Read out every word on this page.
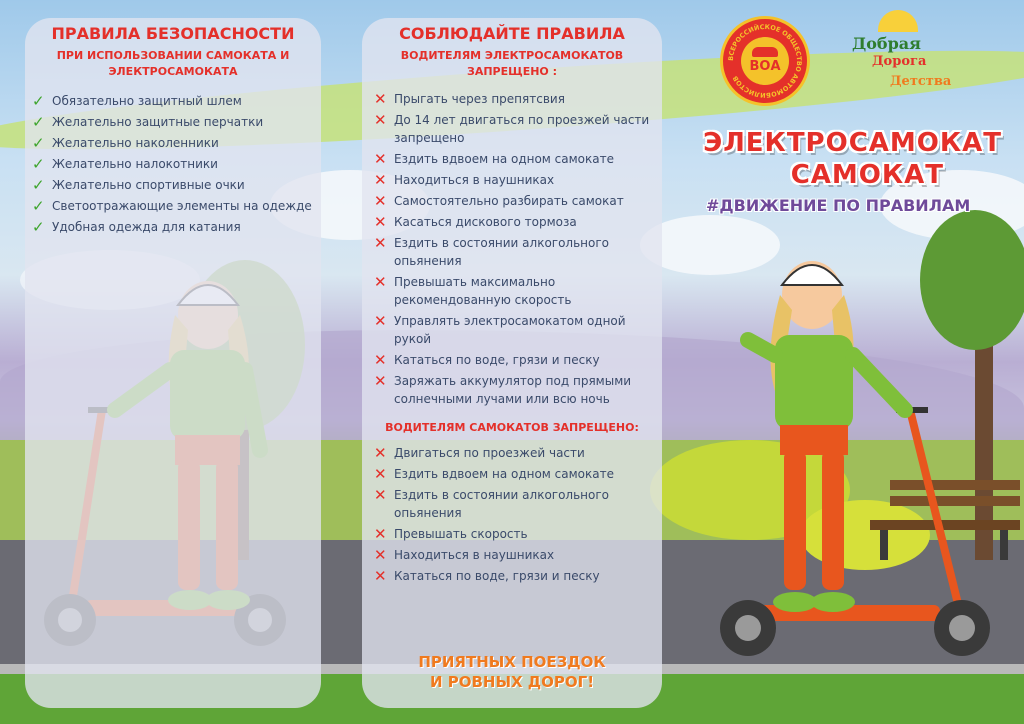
ПРАВИЛА БЕЗОПАСНОСТИ
ПРИ ИСПОЛЬЗОВАНИИ САМОКАТА И
ЭЛЕКТРОСАМОКАТА
✓ Обязательно защитный шлем
✓ Желательно защитные перчатки
✓ Желательно наколенники
✓ Желательно налокотники
✓ Желательно спортивные очки
✓ Светоотражающие элементы на одежде
✓ Удобная одежда для катания
СОБЛЮДАЙТЕ ПРАВИЛА
ВОДИТЕЛЯМ ЭЛЕКТРОСАМОКАТОВ
ЗАПРЕЩЕНО :
✕ Прыгать через препятсвия
✕ До 14 лет двигаться по проезжей части запрещено
✕ Ездить вдвоем на одном самокате
✕ Находиться в наушниках
✕ Самостоятельно разбирать самокат
✕ Касаться дискового тормоза
✕ Ездить в состоянии алкогольного опьянения
✕ Превышать максимально рекомендованную скорость
✕ Управлять электросамокатом одной рукой
✕ Кататься по воде, грязи и песку
✕ Заряжать аккумулятор под прямыми солнечными лучами или всю ночь
ВОДИТЕЛЯМ САМОКАТОВ ЗАПРЕЩЕНО:
✕ Двигаться по проезжей части
✕ Ездить вдвоем на одном самокате
✕ Ездить в состоянии алкогольного опьянения
✕ Превышать скорость
✕ Находиться в наушниках
✕ Кататься по воде, грязи и песку
ПРИЯТНЫХ ПОЕЗДОК
И РОВНЫХ ДОРОГ!
ВСЕРОССИЙСКОЕ ОБЩЕСТВО АВТОМОБИЛИСТОВ
ВОА
Добрая
Дорога
Детства
ЭЛЕКТРОСАМОКАТ
САМОКАТ
#ДВИЖЕНИЕ ПО ПРАВИЛАМ
